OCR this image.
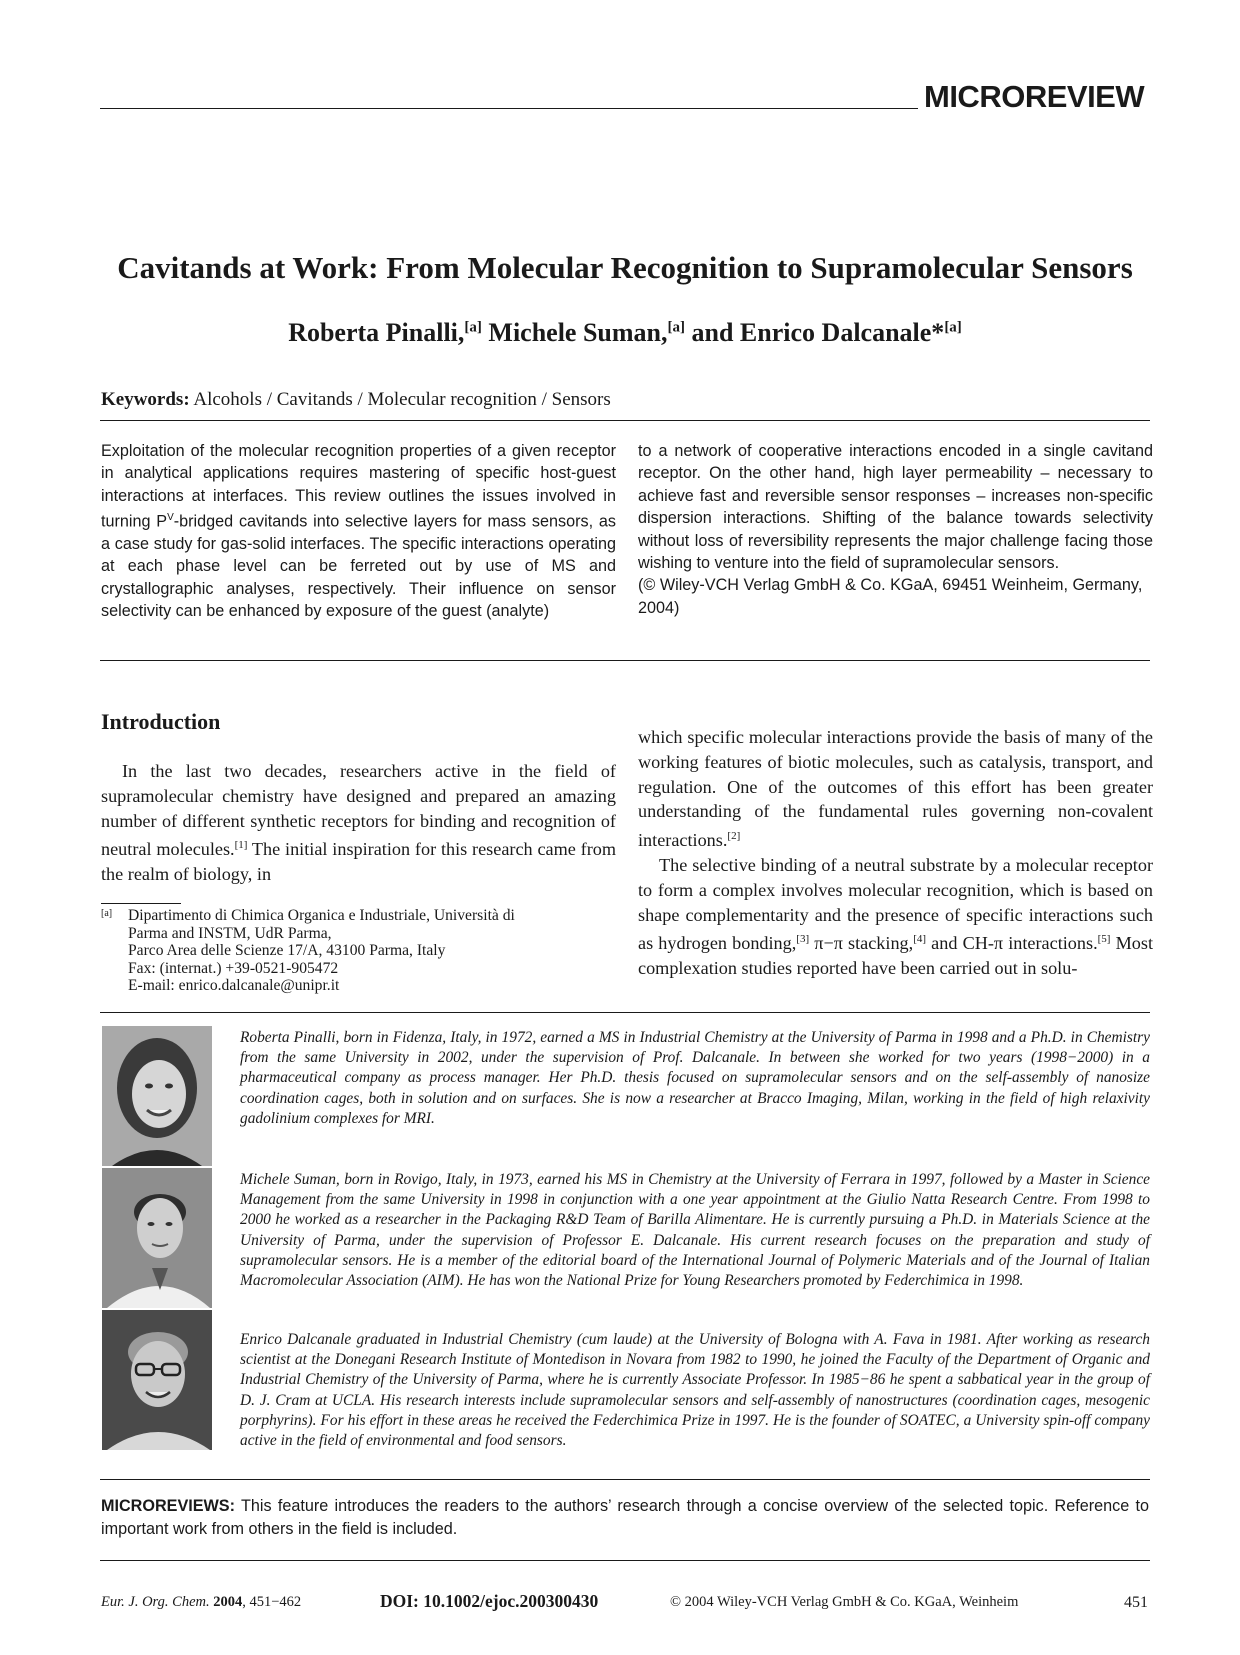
MICROREVIEW
Cavitands at Work: From Molecular Recognition to Supramolecular Sensors
Roberta Pinalli,[a] Michele Suman,[a] and Enrico Dalcanale*[a]
Keywords: Alcohols / Cavitands / Molecular recognition / Sensors

Exploitation of the molecular recognition properties of a given receptor in analytical applications requires mastering of specific host-guest interactions at interfaces. This review outlines the issues involved in turning $P^V$-bridged cavitands into selective layers for mass sensors, as a case study for gas-solid interfaces. The specific interactions operating at each phase level can be ferreted out by use of MS and crystallographic analyses, respectively. Their influence on sensor selectivity can be enhanced by exposure of the guest (analyte)

to a network of cooperative interactions encoded in a single cavitand receptor. On the other hand, high layer permeability – necessary to achieve fast and reversible sensor responses – increases non-specific dispersion interactions. Shifting of the balance towards selectivity without loss of reversibility represents the major challenge facing those wishing to venture into the field of supramolecular sensors.

(© Wiley-VCH Verlag GmbH & Co. KGaA, 69451 Weinheim, Germany, 2004)

Introduction

In the last two decades, researchers active in the field of supramolecular chemistry have designed and prepared an amazing number of different synthetic receptors for binding and recognition of neutral molecules.[1] The initial inspiration for this research came from the realm of biology, in

which specific molecular interactions provide the basis of many of the working features of biotic molecules, such as catalysis, transport, and regulation. One of the outcomes of this effort has been greater understanding of the fundamental rules governing non-covalent interactions.[2]

The selective binding of a neutral substrate by a molecular receptor to form a complex involves molecular recognition, which is based on shape complementarity and the presence of specific interactions such as hydrogen bonding,[3] π−π stacking,[4] and CH-π interactions.[5] Most complexation studies reported have been carried out in solu-

[a] Dipartimento di Chimica Organica e Industriale, Università di
Parma and INSTM, UdR Parma,
Parco Area delle Scienze 17/A, 43100 Parma, Italy
Fax: (internat.) +39-0521-905472
E-mail: enrico.dalcanale@unipr.it
Roberta Pinalli, born in Fidenza, Italy, in 1972, earned a MS in Industrial Chemistry at the University of Parma in 1998 and a Ph.D. in Chemistry from the same University in 2002, under the supervision of Prof. Dalcanale. In between she worked for two years (1998−2000) in a pharmaceutical company as process manager. Her Ph.D. thesis focused on supramolecular sensors and on the self-assembly of nanosize coordination cages, both in solution and on surfaces. She is now a researcher at Bracco Imaging, Milan, working in the field of high relaxivity gadolinium complexes for MRI.
Michele Suman, born in Rovigo, Italy, in 1973, earned his MS in Chemistry at the University of Ferrara in 1997, followed by a Master in Science Management from the same University in 1998 in conjunction with a one year appointment at the Giulio Natta Research Centre. From 1998 to 2000 he worked as a researcher in the Packaging R&D Team of Barilla Alimentare. He is currently pursuing a Ph.D. in Materials Science at the University of Parma, under the supervision of Professor E. Dalcanale. His current research focuses on the preparation and study of supramolecular sensors. He is a member of the editorial board of the International Journal of Polymeric Materials and of the Journal of Italian Macromolecular Association (AIM). He has won the National Prize for Young Researchers promoted by Federchimica in 1998.
Enrico Dalcanale graduated in Industrial Chemistry (cum laude) at the University of Bologna with A. Fava in 1981. After working as research scientist at the Donegani Research Institute of Montedison in Novara from 1982 to 1990, he joined the Faculty of the Department of Organic and Industrial Chemistry of the University of Parma, where he is currently Associate Professor. In 1985−86 he spent a sabbatical year in the group of D. J. Cram at UCLA. His research interests include supramolecular sensors and self-assembly of nanostructures (coordination cages, mesogenic porphyrins). For his effort in these areas he received the Federchimica Prize in 1997. He is the founder of SOATEC, a University spin-off company active in the field of environmental and food sensors.
MICROREVIEWS: This feature introduces the readers to the authors’ research through a concise overview of the selected topic. Reference to important work from others in the field is included.
Eur. J. Org. Chem. 2004, 451−462	DOI: 10.1002/ejoc.200300430	© 2004 Wiley-VCH Verlag GmbH & Co. KGaA, Weinheim	451
